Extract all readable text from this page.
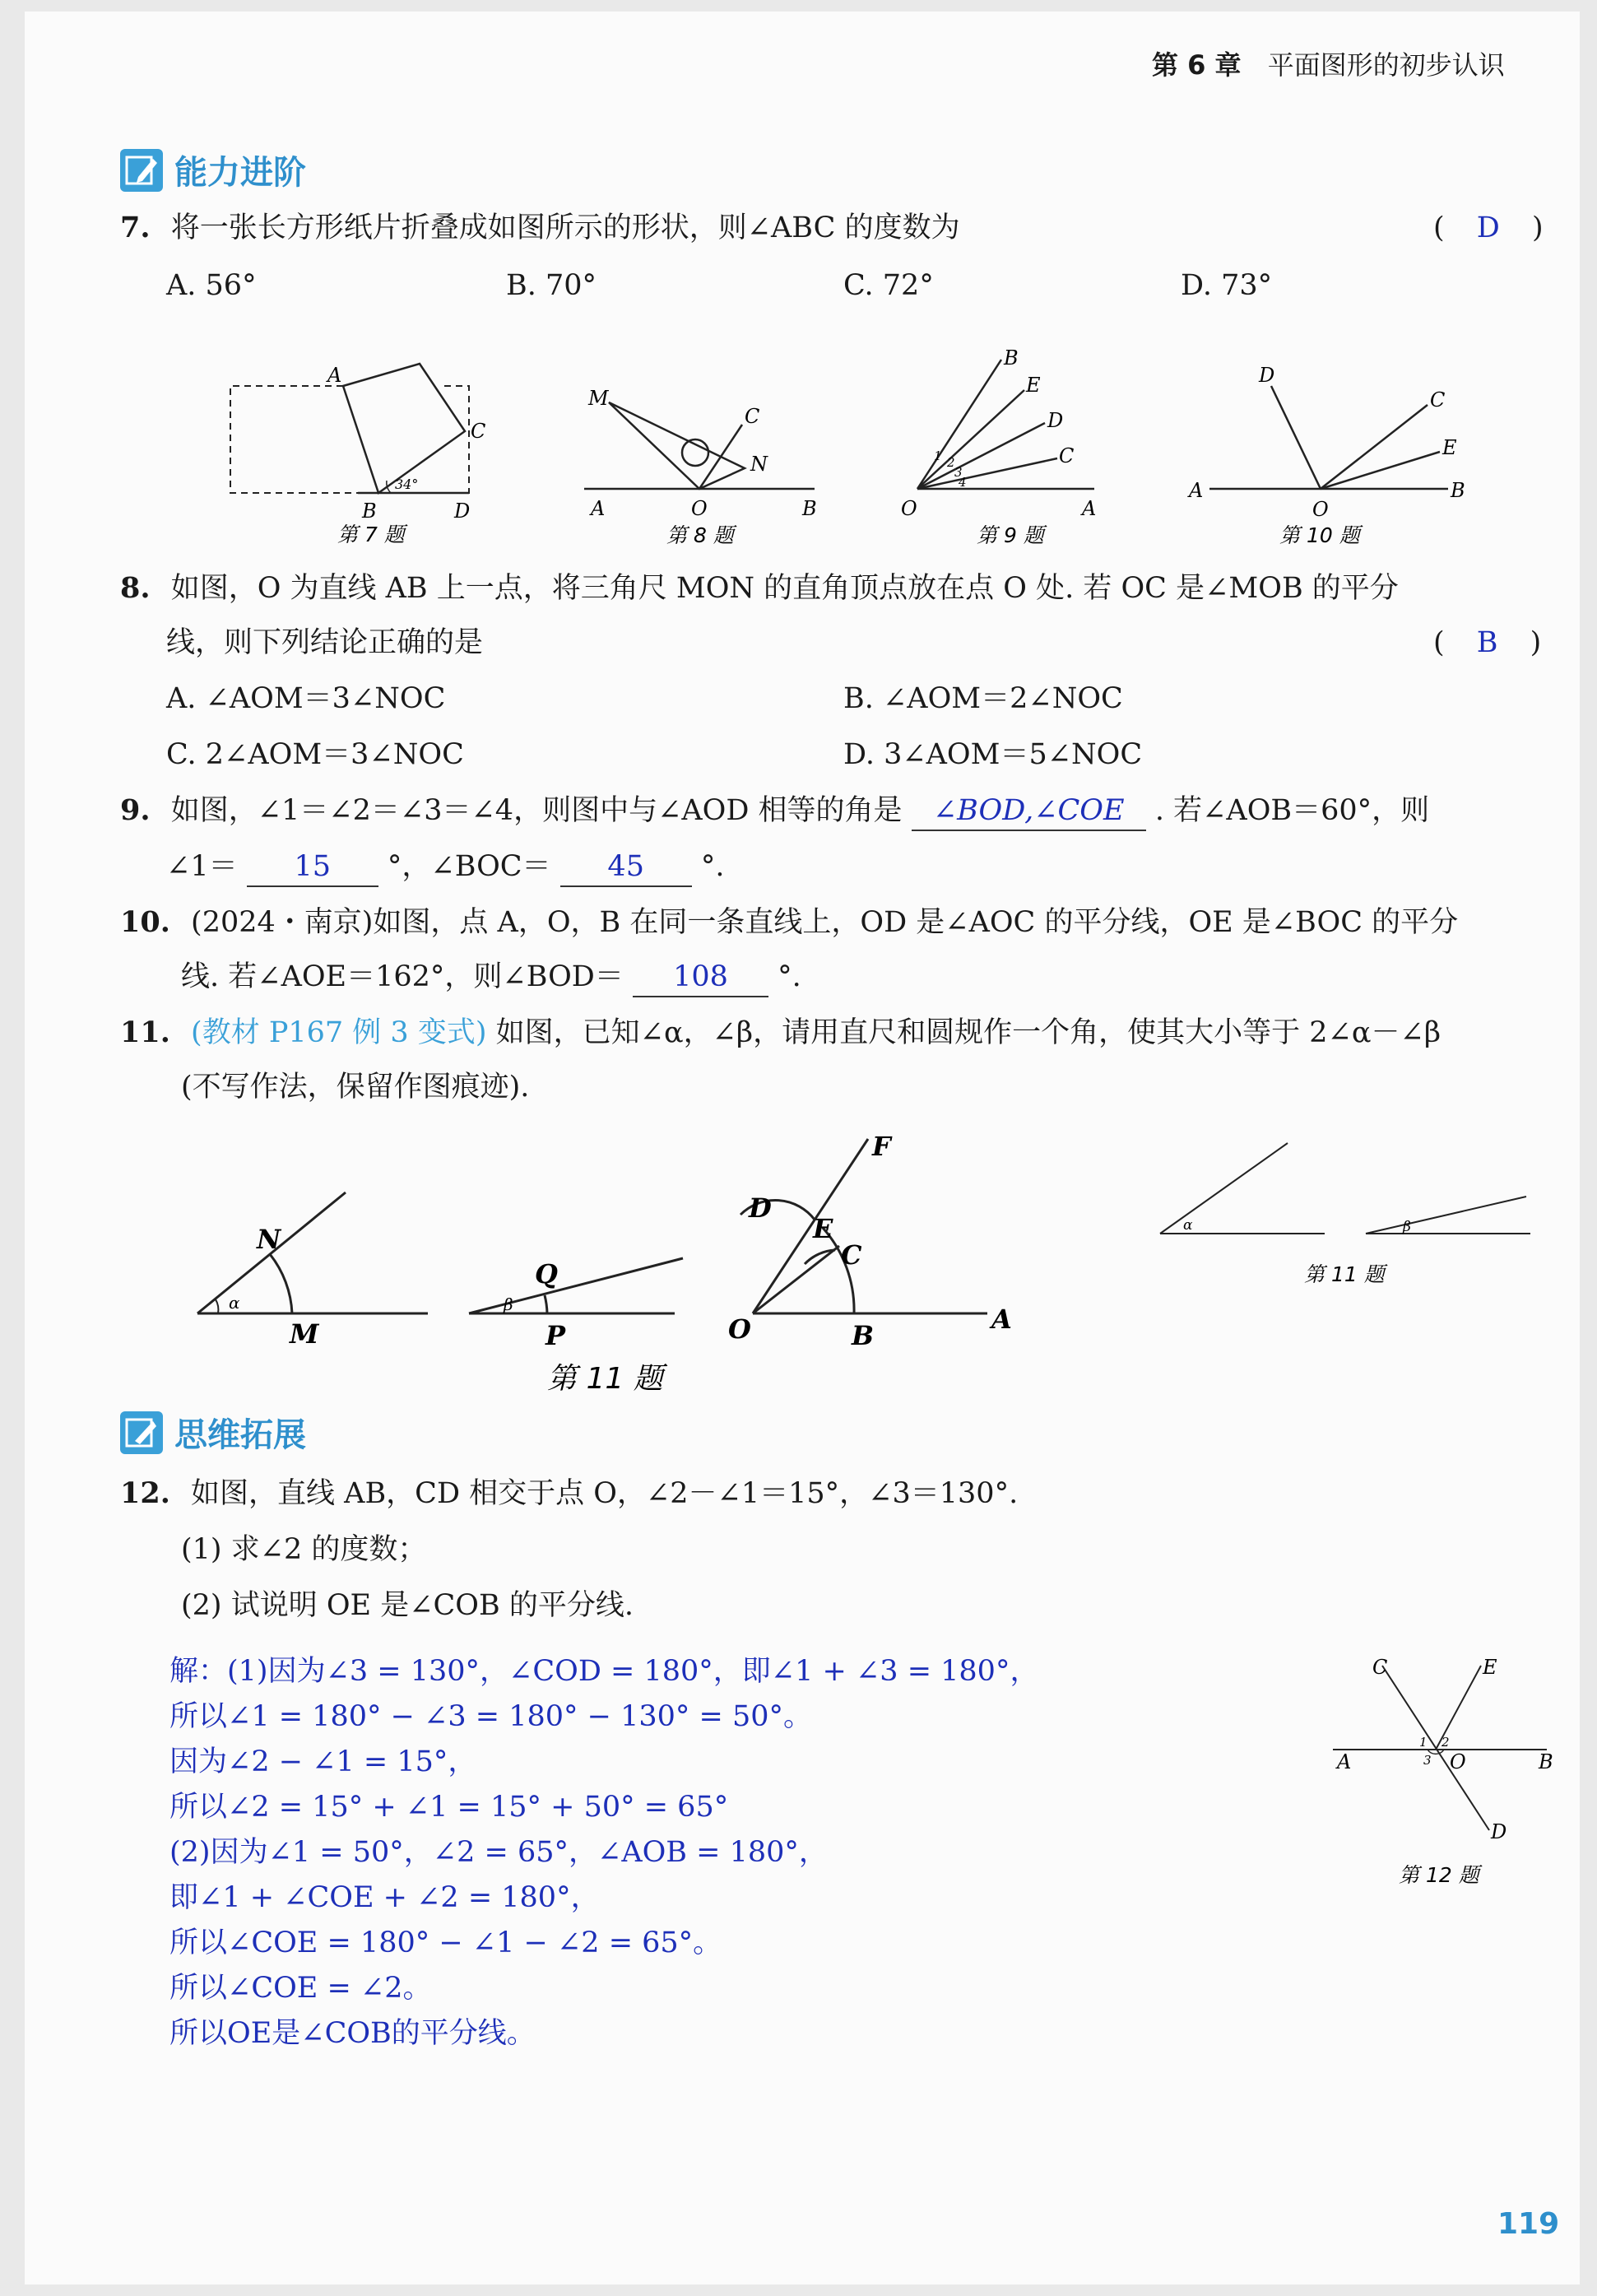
第 6 章 平面图形的初步认识
能力进阶
7. 将一张长方形纸片折叠成如图所示的形状，则∠ABC 的度数为	( D )
A. 56°	B. 70°	C. 72°	D. 73°
A
C
B	D
34°
第 7 题
M
C
N
A	O	B
第 8 题
1 2
3
4
B
E
D
C
O	A
第 9 题
D
C
E
A
O
B
第 10 题
8. 如图，O 为直线 AB 上一点，将三角尺 MON 的直角顶点放在点 O 处. 若 OC 是∠MOB 的平分
线，则下列结论正确的是	( B )
A. ∠AOM＝3∠NOC	B. ∠AOM＝2∠NOC
C. 2∠AOM＝3∠NOC	D. 3∠AOM＝5∠NOC
9. 如图，∠1＝∠2＝∠3＝∠4，则图中与∠AOD 相等的角是 ∠BOD,∠COE . 若∠AOB＝60°，则
∠1＝ 15 °，∠BOC＝ 45 °.
10. (2024・南京)如图，点 A，O，B 在同一条直线上，OD 是∠AOC 的平分线，OE 是∠BOC 的平分
线. 若∠AOE＝162°，则∠BOD＝ 108 °.
11. (教材 P167 例 3 变式) 如图，已知∠α，∠β，请用直尺和圆规作一个角，使其大小等于 2∠α－∠β
(不写作法，保留作图痕迹).
N
M
α
Q
P
β
F
D
E
C
O	B
A
第 11 题
α	β
第 11 题
思维拓展
12. 如图，直线 AB，CD 相交于点 O，∠2－∠1＝15°，∠3＝130°.
(1) 求∠2 的度数；
(2) 试说明 OE 是∠COB 的平分线.
解：(1)因为∠3 = 130°，∠COD = 180°，即∠1 + ∠3 = 180°，
所以∠1 = 180° − ∠3 = 180° − 130° = 50°。
因为∠2 − ∠1 = 15°，
所以∠2 = 15° + ∠1 = 15° + 50° = 65°
(2)因为∠1 = 50°，∠2 = 65°，∠AOB = 180°，
即∠1 + ∠COE + ∠2 = 180°，
所以∠COE = 180° − ∠1 − ∠2 = 65°。
所以∠COE = ∠2。
所以OE是∠COB的平分线。
C	E
1 2
3
A	O	B
D
第 12 题
119
